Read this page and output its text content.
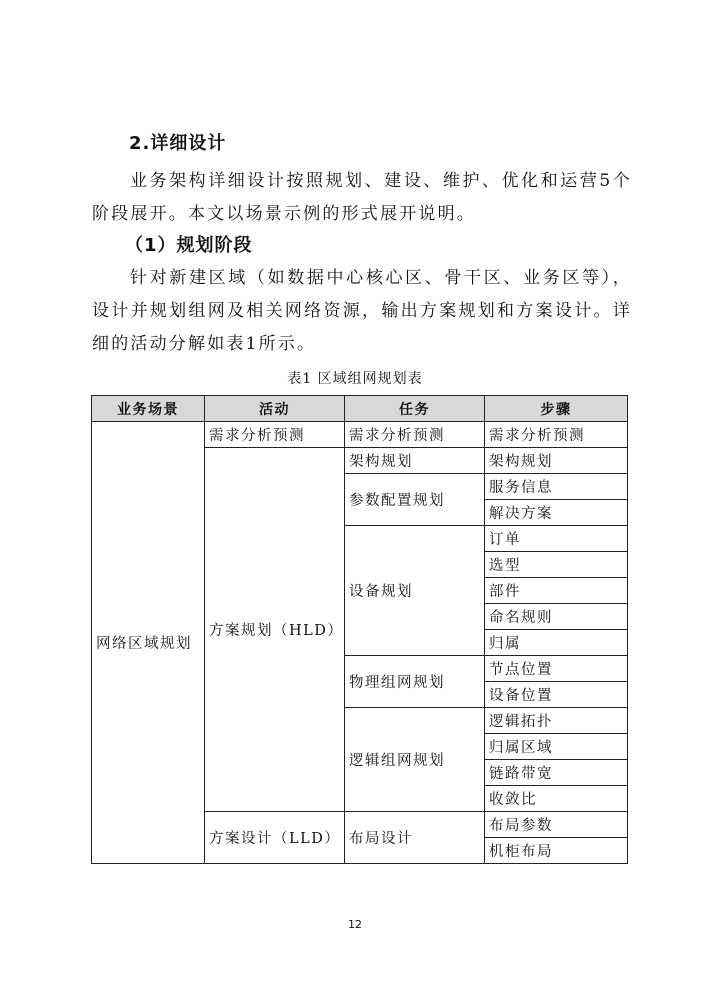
2.详细设计

业务架构详细设计按照规划、建设、维护、优化和运营5个阶段展开。本文以场景示例的形式展开说明。

（1）规划阶段

针对新建区域（如数据中心核心区、骨干区、业务区等），设计并规划组网及相关网络资源，输出方案规划和方案设计。详细的活动分解如表1所示。

表1 区域组网规划表
业务场景	活动	任务	步骤
网络区域规划	需求分析预测	需求分析预测	需求分析预测
	方案规划（HLD）	架构规划	架构规划
		参数配置规划	服务信息
			解决方案
		设备规划	订单
			选型
			部件
			命名规则
			归属
		物理组网规划	节点位置
			设备位置
		逻辑组网规划	逻辑拓扑
			归属区域
			链路带宽
			收敛比
	方案设计（LLD）	布局设计	布局参数
			机柜布局
12
